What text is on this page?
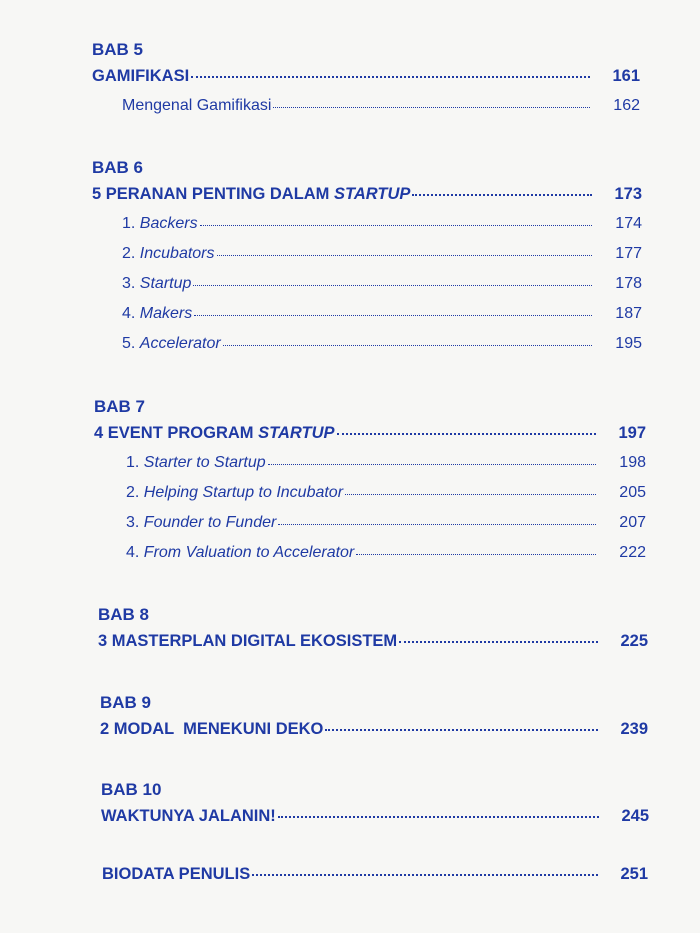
BAB 5
GAMIFIKASI	161
Mengenal Gamifikasi	162
BAB 6
5 PERANAN PENTING DALAM STARTUP	173
1. Backers	174
2. Incubators	177
3. Startup	178
4. Makers	187
5. Accelerator	195
BAB 7
4 EVENT PROGRAM STARTUP	197
1. Starter to Startup	198
2. Helping Startup to Incubator	205
3. Founder to Funder	207
4. From Valuation to Accelerator	222
BAB 8
3 MASTERPLAN DIGITAL EKOSISTEM	225
BAB 9
2 MODAL  MENEKUNI DEKO	239
BAB 10
WAKTUNYA JALANIN!	245
BIODATA PENULIS	251
